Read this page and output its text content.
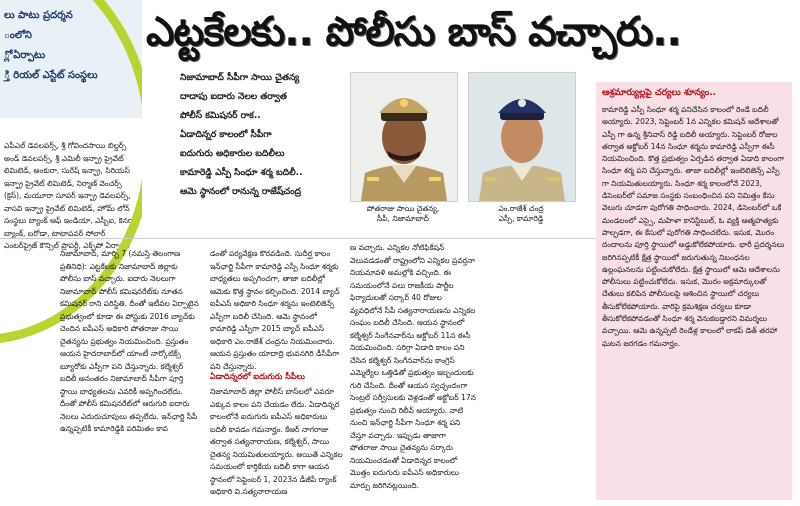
లు పాటు ప్రదర్శన
ంలోని
్లో ఏర్పాటు
్తి రియల్ ఎస్టేట్ సంస్థలు

ఎపీఎల్ డెవలపర్స్, శ్రీ గోవిందసాయి బిల్డర్స్ అండ్ డెవలపర్స్, శ్రీ ఎమిలీ ఇన్ఫ్రా ప్రైవేట్ లిమిటెడ్, అంకురా, సురేష్ ఇన్ఫ్రా, సిరియస్ ఇన్ఫ్రా ప్రైవేట్ లిమిటెడ్, నిర్మాణ్ వెంచర్స్ (క్రెస్), మయూరా సూపర్ ఇన్ఫ్రా డెవలపర్స్, వాసవి ఇన్ఫ్రా ప్రైవేట్ లిమిటెడ్, హోమ్ లోన్ సంస్థలు బ్యాంక్ ఆఫ్ ఇండియా, ఎస్బీఐ, కెనరా బ్యాంక్, బరోడా, టాటాపవర్ సోలార్ ఎంటర్‌ప్రైజ్ కౌన్సిల్ ప్రాపర్టీ, ఎక్స్‌పో ఏర్పాటు

ఎట్టకేలకు.. పోలీసు బాస్ వచ్చారు..

నిజామాబాద్ సీపీగా సాయి చైతన్య

దాదాపు ఐదారు నెలల తర్వాత

పోలీస్ కమిషనర్ రాక..

ఏడాదిన్నర కాలంలో సీపీగా

ఐదుగురు అధికారుల బదిలీలు

కామారెడ్డి ఎస్పీ సింధూ శర్మ బదిలీ..

ఆమె స్థానంలో రానున్న రాజేష్‌చంద్ర

పోతరాజు సాయి చైతన్య,
సీపీ, నిజామాబాద్

ఎం.రాజేశ్ చంద్ర
ఎస్పీ, కామారెడ్డి

నిజామాబాద్, మార్చి 7 (నమస్తే తెలంగాణ ప్రతినిధి): ఎట్టకేలకు నిజామాబాద్ జిల్లాకు పోలీసు బాస్ వచ్చారు. ఐదారు నెలలుగా నిజామాబాద్ పోలీస్ కమిషనరేట్‌కు నూతన కమిషనర్ రాని పరిస్థితి. దీంతో ఇటీవల ఏర్పాటైన ప్రభుత్వంలో కూడా ఈ పోస్టుకు 2016 బ్యాచ్‌కు చెందిన ఐపీఎస్ అధికారి పోతరాజు సాయి చైతన్యను ప్రభుత్వం నియమించింది. ప్రస్తుతం ఆయన హైదరాబాద్‌లో యాంటీ నార్కోటిక్స్ బ్యూరోకు ఎస్పీగా పని చేస్తున్నారు. కల్మేశ్వర్ బదిలీ అనంతరం నిజామాబాద్ సీపీగా పూర్తి స్థాయి బాధ్యతలను ఎవరికీ అప్పగించలేదు. దీంతో పోలీస్ కమిషనరేట్‌లో ఆరుగురి ఐదారు నెలలు ఎదురుచూపులు తప్పలేదు. ఇన్‌ఛార్జి సీపీ ఉన్నప్పటికీ కామారెడ్డికి పరిమితం కావ

డంతో పర్యవేక్షణ కొరవడింది. సుదీర్ఘ కాలం ఇన్‌ఛార్జి సీపీగా కామారెడ్డి ఎస్పీ సింధూ శర్మకు బాధ్యతలు అప్పగించగా, తాజా బదిలీల్లో ఆమెకు కొత్త స్థానం కల్పించింది. 2014 బ్యాచ్ ఐపీఎస్ అధికారి సింధూ శర్మను ఇంటెలిజెన్స్ ఎస్పీగా బదిలీ చేసింది. ఆమె స్థానంలో కామారెడ్డి ఎస్పీగా 2015 బ్యాచ్ ఐపీఎస్ అధికారి ఎం.రాజేశ్ చంద్రను నియమించారు. ఆయన ప్రస్తుతం యాదాద్రి భువనగిరి డీసీపీగా పని చేస్తున్నారు.

ఏడాదిన్నరలో ఐదుగురు సీపీలు

నిజామాబాద్ జిల్లా పోలీస్ బాస్‌లలో ఎవరూ ఎక్కువ కాలం పని చేయడం లేదు. ఏడాదిన్నర కాలంలోనే ఐదుగురు ఐపీఎస్ అధికారులు బదిలీ కావడం గమనార్హం. కేఆర్ నాగరాజు తర్వాత సత్యనారాయణ, కల్మేశ్వర్, సాయి చైతన్య నియమితులయ్యారు. అయితే ఎన్నికల సమయంలో కార్తికేయ బదిలీ కాగా ఆయన స్థానంలో సెప్టెంబర్ 1, 2023న డీజీపీ ర్యాంక్ అధికారి వి.సత్యనారాయణ

ణ వచ్చారు. ఎన్నికల నోటిఫికేషన్ వెలువడడంతో రాష్ట్రంలోని ఎన్నికల ప్రవర్తనా నియమావళి అమల్లోకి వచ్చింది. ఈ సమయంలోనే పలు రాజకీయ పార్టీల ఫిర్యాదులతో సర్కార్ 40 రోజుల వ్యవధిలోనే సీపీ సత్యనారాయణను ఎన్నికల సంఘం బదిలీ చేసింది. ఆయన స్థానంలో కల్మేశ్వర్ సింగేనవార్‌ను అక్టోబర్ 11న ఈసీ నియమించింది. సరిగ్గా ఏడాది కాలం పని చేసిన కల్మేశ్వర్ సింగేనవార్‌ను కాంగ్రెస్ ఎమ్మెల్యేల ఒత్తిడితో ప్రభుత్వం ఇబ్బందులకు గురి చేసింది. దీంతో ఆయన స్వచ్ఛందంగా సెంట్రల్ సర్వీసులకు వెళ్లడంతో అక్టోబర్ 17న ప్రభుత్వం నుంచి రిలీవ్ అయ్యారు. నాటి నుంచి ఇన్‌ఛార్జి సీపీగా సింధూ శర్మ పని చేస్తూ వచ్చారు. ఇప్పుడు తాజాగా పోతరాజు సాయి చైతన్యను సర్కారు నియమించడంతో ఏడాదిన్నర కాలంలో మొత్తం ఐదుగురు ఐపీఎస్ అధికారులు మార్పు జరిగినట్లయింది.

ఆశ్రమార్యుల్లపై చర్యలు శూన్యం..

కామారెడ్డి ఎస్పీ సింధూ శర్మ పనిచేసిన కాలంలో రెండే బదిలీ అయ్యారు. 2023, సెప్టెంబర్ 1న ఎన్నికల కమిషన్ ఆదేశాలతో ఎస్పీ గా ఉన్న శ్రీనివాస్ రెడ్డి బదిలీ అయ్యారు. సెప్టెంబర్ రోజుల తర్వాత అక్టోబర్ 14న సింధూ శర్మను కామారెడ్డి ఎస్పీగా ఈసీ నియమించింది. కొత్త ప్రభుత్వం ఏర్పడిన తర్వాత ఏడాది కాలంగా సింధూ శర్మ పని చేస్తున్నారు. తాజా బదిలీల్లో ఇంటెలిజెన్స్ ఎస్పీ గా నియమితులయ్యారు. సింధూ శర్మ కాలంలోనే 2023, డిసెంబర్‌లో సమాజ సంస్థకు సంబంధించిన పని నిమిత్తం కేసు వెలుగు చూడగా పురోగతి సాధించారు. 2024, డిసెంబర్‌లో ఒకే మండలంలో ఎస్సై, మహిళా కానిస్టేబుల్, ఓ వ్యక్తి ఆత్మహత్యకు పాల్పడగా, ఈ కేసులో పురోగతి సాధించలేదు. ఇసుక, మొరం దందాలను పూర్తి స్థాయిలో అడ్డుకోలేకపోయారు. భారీ ప్రదర్శనలు జరిగినప్పటికీ క్షేత్ర స్థాయిలో జరుగుతున్న నిబంధనల ఉల్లంఘనలను పట్టించుకోలేదు. క్షేత్ర స్థాయిలో ఆమె ఆదేశాలను పోలీసులు పట్టించుకోలేదు. ఇసుక, మొరం అక్రమార్కులతో చేతులు కలిపిన పోలీసులపై ఆశించిన స్థాయిలో చర్యలు తీసుకోలేకపోయారు. వారిపై క్రమశిక్షణ చర్యలు కూడా తీసుకోలేకపోవడంతో సింధూ శర్మ వెనుకబడ్డారని విమర్శలు వచ్చాయి. ఆమె ఉన్నప్పటి రెండేళ్ల కాలంలో లాకప్ డెత్ తరహా ఘటన జరగడం గమనార్హం.
